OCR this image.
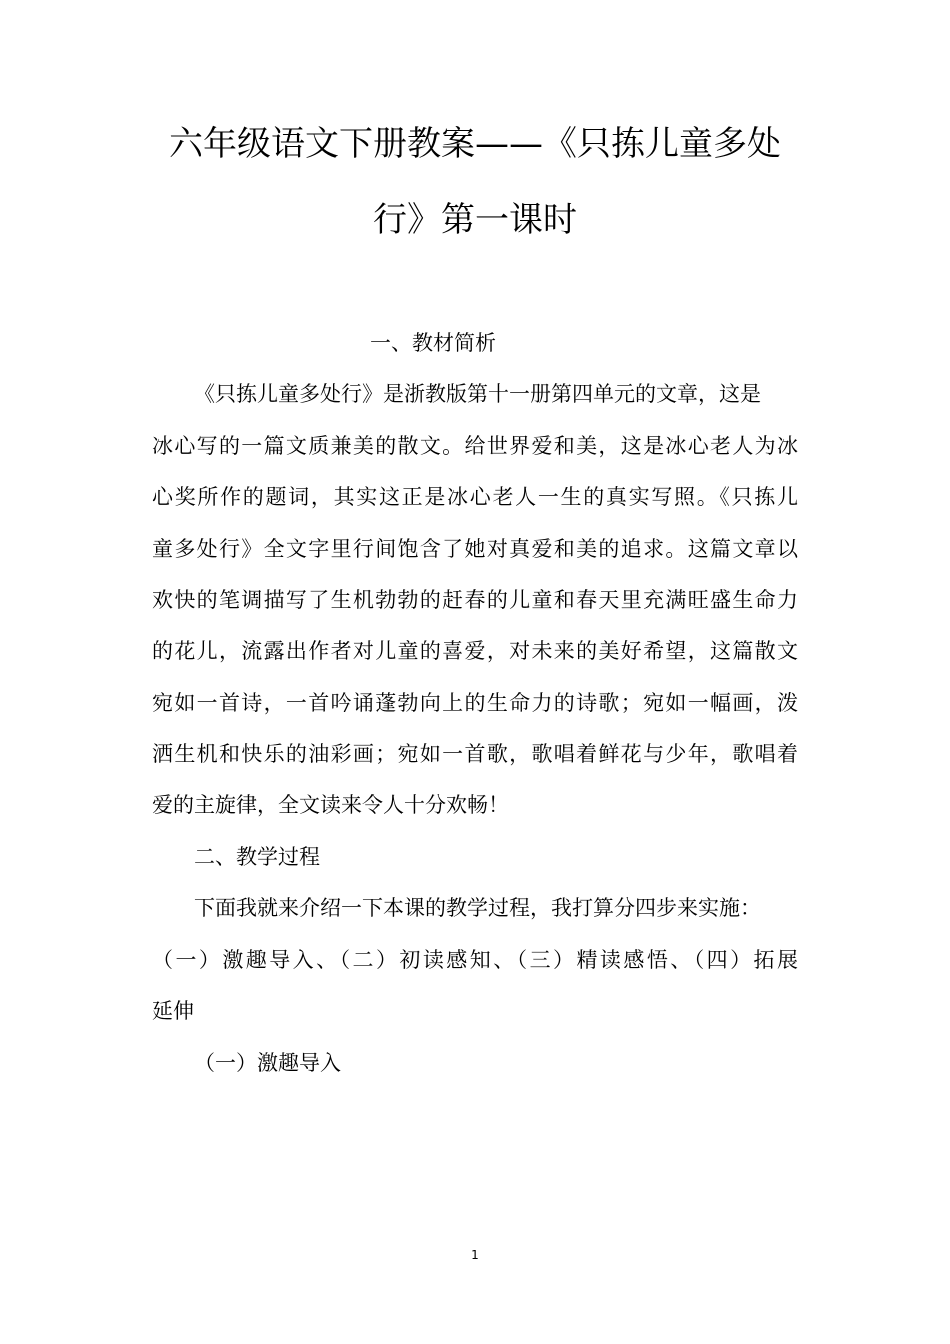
六年级语文下册教案——《只拣儿童多处
行》第一课时
一、教材简析
《只拣儿童多处行》是浙教版第十一册第四单元的文章，这是
冰心写的一篇文质兼美的散文。给世界爱和美，这是冰心老人为冰
心奖所作的题词，其实这正是冰心老人一生的真实写照。《只拣儿
童多处行》全文字里行间饱含了她对真爱和美的追求。这篇文章以
欢快的笔调描写了生机勃勃的赶春的儿童和春天里充满旺盛生命力
的花儿，流露出作者对儿童的喜爱，对未来的美好希望，这篇散文
宛如一首诗，一首吟诵蓬勃向上的生命力的诗歌；宛如一幅画，泼
洒生机和快乐的油彩画；宛如一首歌，歌唱着鲜花与少年，歌唱着
爱的主旋律，全文读来令人十分欢畅！
二、教学过程
下面我就来介绍一下本课的教学过程，我打算分四步来实施：
（一）激趣导入、（二）初读感知、（三）精读感悟、（四）拓展
延伸
（一）激趣导入
1
